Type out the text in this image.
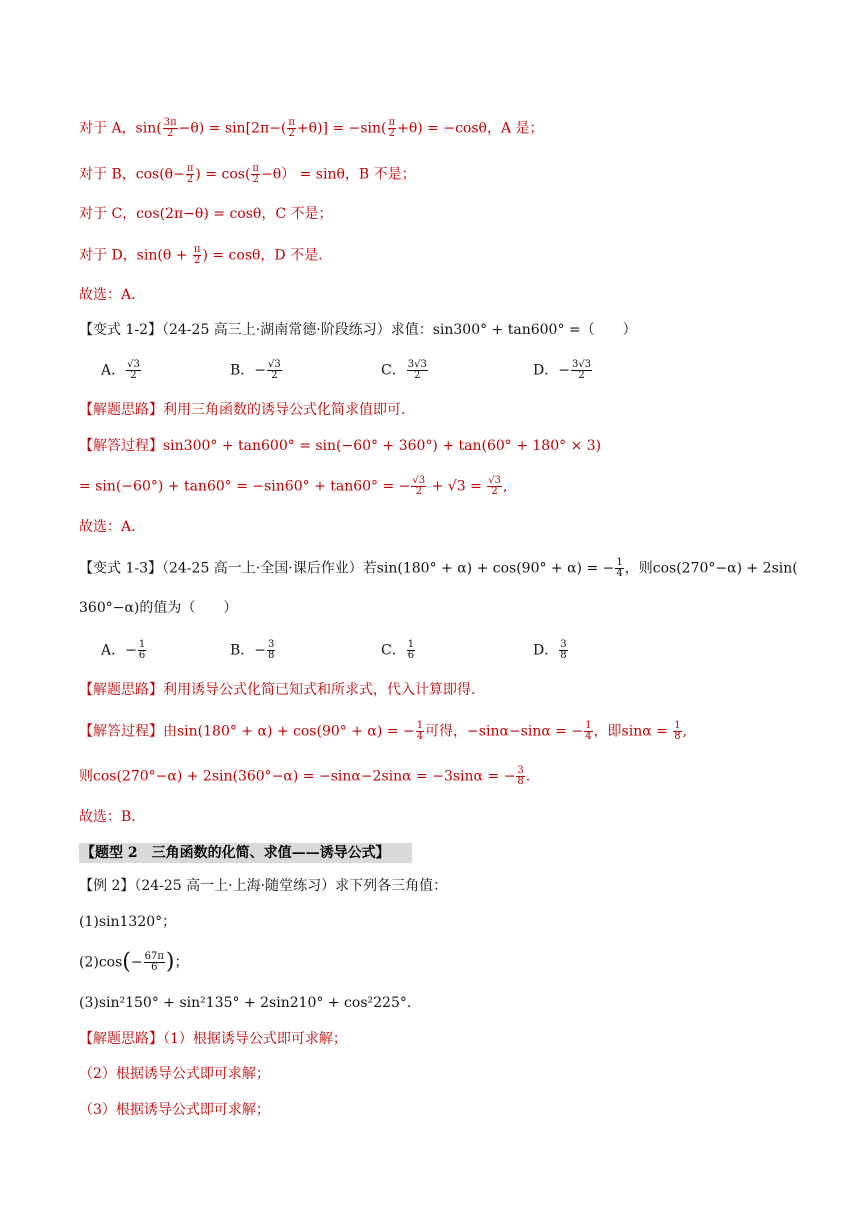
对于 A，$\sin( \frac{3\pi}{2} -\theta) = \sin[2\pi-( \frac{\pi}{2} +\theta)] = -\sin( \frac{\pi}{2} +\theta) = -\cos\theta$，A 是；
对于 B，$\cos(\theta- \frac{\pi}{2}$ ) = $\cos( \frac{\pi}{2} -\theta) = \sin\theta$，B 不是；
对于 C，cos(2π−θ) = cosθ，C 不是；
对于 D，$\sin(\theta + \frac{\pi}{2}$ ) = cosθ，D 不是.
故选：A.
【变式 1-2】（24-25 高三上·湖南常德·阶段练习）求值：sin300° + tan600° =（　　）
A． $\frac{√3}{2}$	B．− $\frac{√3}{2}$	C． $\frac{3√3}{2}$	D．− $\frac{3√3}{2}$
【解题思路】利用三角函数的诱导公式化简求值即可.
【解答过程】sin300° + tan600° = sin(−60° + 360°) + tan(60° + 180° × 3)
= sin(−60°) + tan60° = −sin60° + tan60° = − $\frac{√3}{2} + √3 = \frac{√3}{2}$ ,
故选：A.
【变式 1-3】（24-25 高一上·全国·课后作业）若sin(180° + α) + cos(90° + α) = − $\frac{1}{4}$ ，则cos(270°−α) + 2sin(
360°−α)的值为（　　）
A．− $\frac{1}{6}$	B．− $\frac{3}{8}$	C． $\frac{1}{6}$	D． $\frac{3}{8}$
【解题思路】利用诱导公式化简已知式和所求式，代入计算即得.
【解答过程】由sin(180° + α) + cos(90° + α) = − $\frac{1}{4}$ 可得，−sinα−sinα = − $\frac{1}{4}$ ，即$\sin\alpha = \frac{1}{8}$ ,
则cos(270°−α) + 2sin(360°−α) = −sinα−2sinα = −3sinα = − $\frac{3}{8}$ .
故选：B.
【题型 2　三角函数的化简、求值——诱导公式】
【例 2】（24-25 高一上·上海·随堂练习）求下列各三角值：
(1)sin1320°；
$(2)\cos(- \frac{67\pi}{6}$ )；
(3)sin²150° + sin²135° + 2sin210° + cos²225°.
【解题思路】（1）根据诱导公式即可求解；
（2）根据诱导公式即可求解；
（3）根据诱导公式即可求解；
